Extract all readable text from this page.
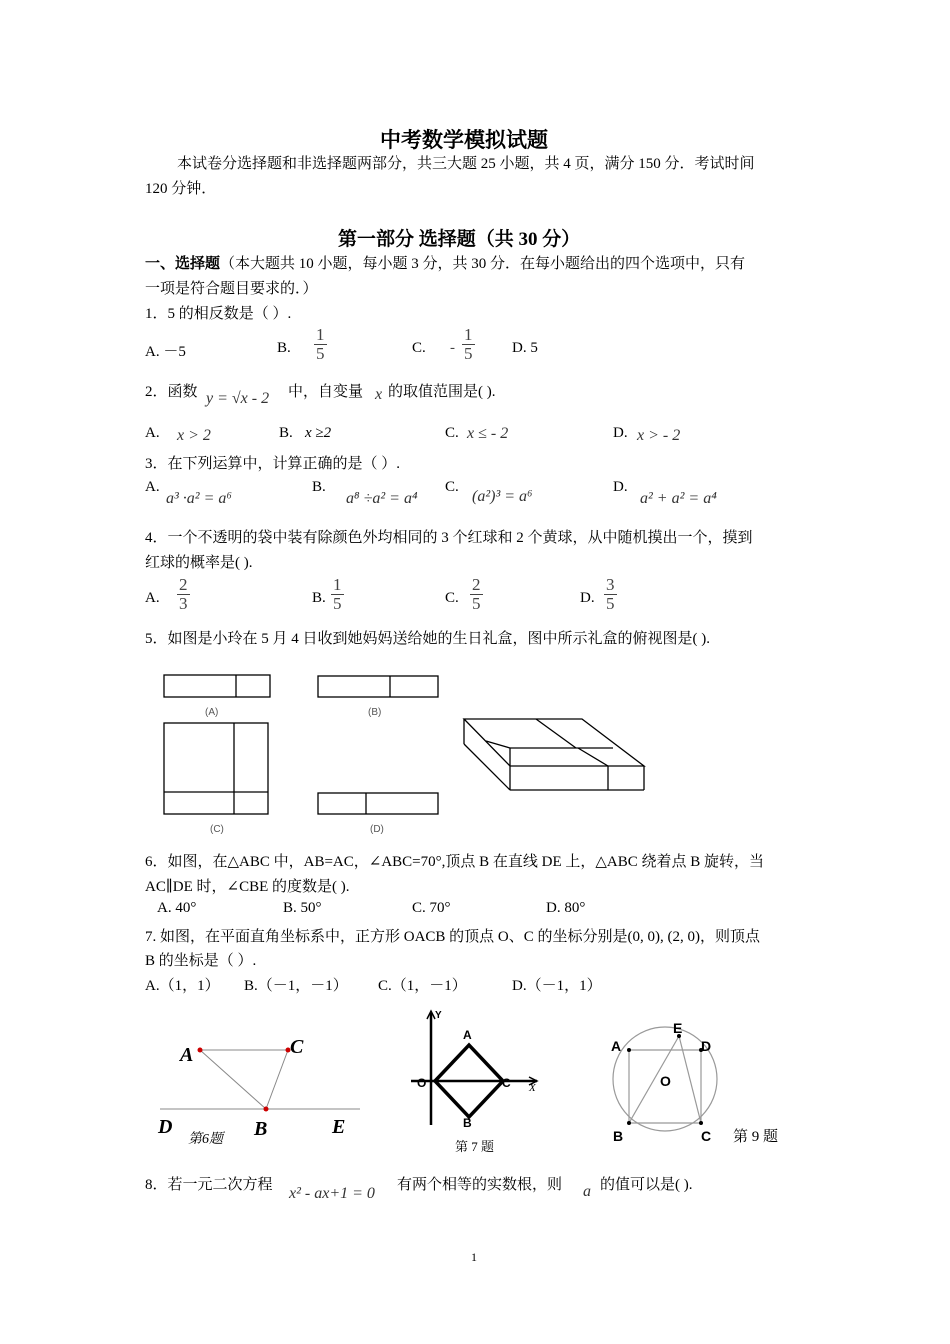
中考数学模拟试题
本试卷分选择题和非选择题两部分，共三大题 25 小题，共 4 页，满分 150 分．考试时间
120 分钟．
第一部分 选择题（共 30 分）
一、选择题（本大题共 10 小题，每小题 3 分，共 30 分．在每小题给出的四个选项中，只有
一项是符合题目要求的．）
1．5 的相反数是（ ）.
A. －5	B. $\frac{1}{5}$	C. - $\frac{1}{5}$	D. 5
2．函数 y = √x - 2 中，自变量 x 的取值范围是( ).
A. x > 2	B. x ≥2	C. x ≤ - 2	D. x > - 2
3．在下列运算中，计算正确的是（ ）.
A.
a³ ·a² = a⁶
B.
a⁸ ÷a² = a⁴
C.
(a²)³ = a⁶
D.
a² + a² = a⁴
4．一个不透明的袋中装有除颜色外均相同的 3 个红球和 2 个黄球，从中随机摸出一个，摸到
红球的概率是( ).
A. $\frac{2}{3}$	B. $\frac{1}{5}$	C. $\frac{2}{5}$	D. $\frac{3}{5}$
5．如图是小玲在 5 月 4 日收到她妈妈送给她的生日礼盒，图中所示礼盒的俯视图是( ).
(A)	(B)
(C)	(D)
6．如图，在△ABC 中，AB=AC，∠ABC=70°,顶点 B 在直线 DE 上，△ABC 绕着点 B 旋转，当
AC∥DE 时，∠CBE 的度数是( ).
A. 40°	B. 50°	C. 70°	D. 80°
7. 如图，在平面直角坐标系中，正方形 OACB 的顶点 O、C 的坐标分别是(0, 0), (2, 0)，则顶点
B 的坐标是（ ）.
A.（1，1） B.（－1，－1） C.（1，－1）	D.（－1，1）
A	C
D
第6题 B	E
Y
A
O	C X
B
第 7 题
A
E
D
O
B	C 第 9 题
8．若一元二次方程 x² - ax+1 = 0 有两个相等的实数根，则 a 的值可以是( ).
1
